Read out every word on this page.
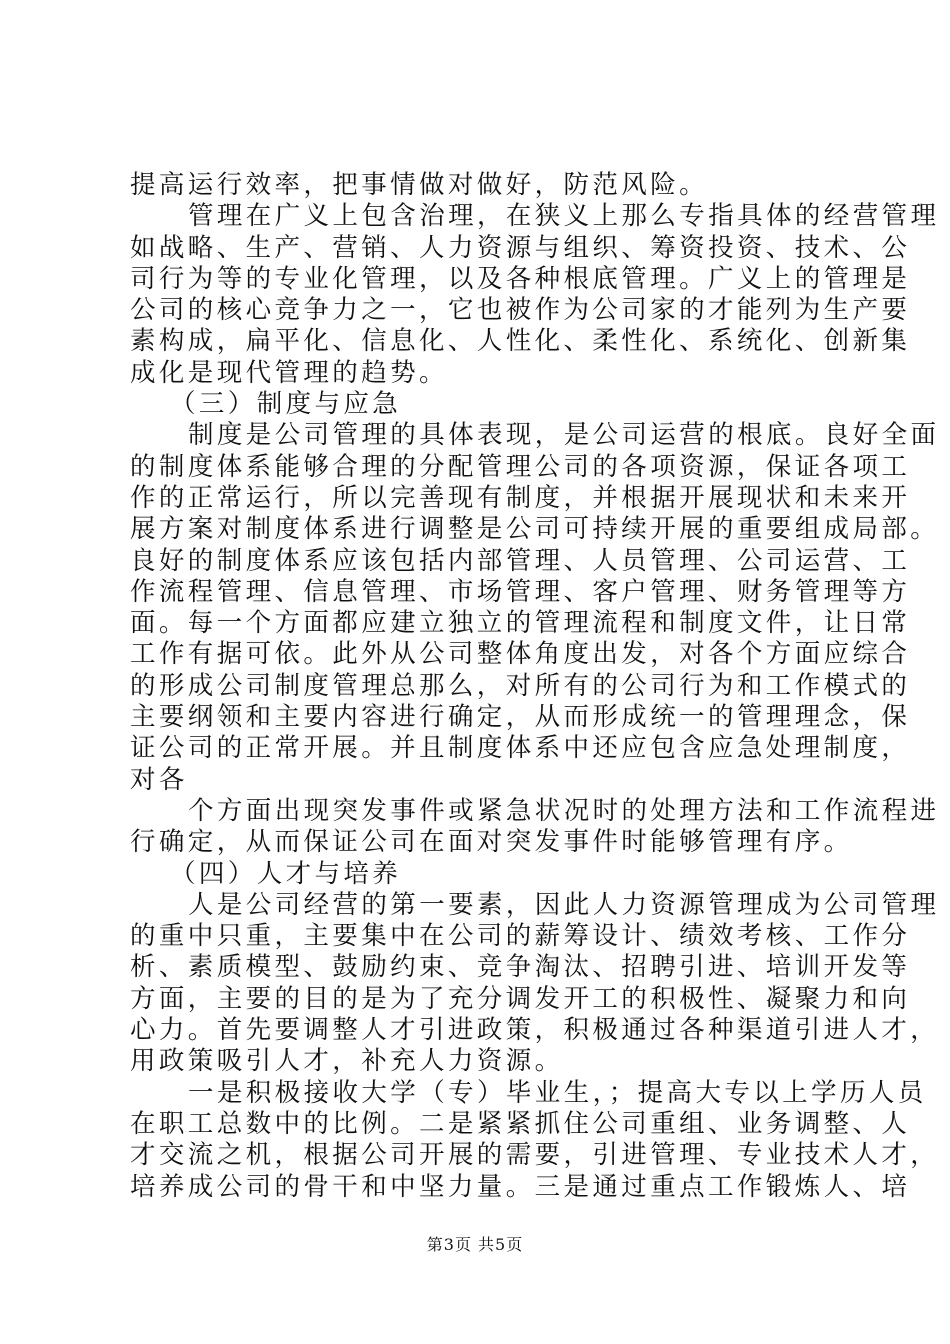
提高运行效率，把事情做对做好，防范风险。
管理在广义上包含治理，在狭义上那么专指具体的经营管理
如战略、生产、营销、人力资源与组织、筹资投资、技术、公
司行为等的专业化管理，以及各种根底管理。广义上的管理是
公司的核心竞争力之一，它也被作为公司家的才能列为生产要
素构成，扁平化、信息化、人性化、柔性化、系统化、创新集
成化是现代管理的趋势。
（三）制度与应急
制度是公司管理的具体表现，是公司运营的根底。良好全面
的制度体系能够合理的分配管理公司的各项资源，保证各项工
作的正常运行，所以完善现有制度，并根据开展现状和未来开
展方案对制度体系进行调整是公司可持续开展的重要组成局部。
良好的制度体系应该包括内部管理、人员管理、公司运营、工
作流程管理、信息管理、市场管理、客户管理、财务管理等方
面。每一个方面都应建立独立的管理流程和制度文件，让日常
工作有据可依。此外从公司整体角度出发，对各个方面应综合
的形成公司制度管理总那么，对所有的公司行为和工作模式的
主要纲领和主要内容进行确定，从而形成统一的管理理念，保
证公司的正常开展。并且制度体系中还应包含应急处理制度，
对各
个方面出现突发事件或紧急状况时的处理方法和工作流程进
行确定，从而保证公司在面对突发事件时能够管理有序。
（四）人才与培养
人是公司经营的第一要素，因此人力资源管理成为公司管理
的重中只重，主要集中在公司的薪筹设计、绩效考核、工作分
析、素质模型、鼓励约束、竞争淘汰、招聘引进、培训开发等
方面，主要的目的是为了充分调发开工的积极性、凝聚力和向
心力。首先要调整人才引进政策，积极通过各种渠道引进人才，
用政策吸引人才，补充人力资源。
一是积极接收大学（专）毕业生，；提高大专以上学历人员
在职工总数中的比例。二是紧紧抓住公司重组、业务调整、人
才交流之机，根据公司开展的需要，引进管理、专业技术人才，
培养成公司的骨干和中坚力量。三是通过重点工作锻炼人、培
第3页 共5页
